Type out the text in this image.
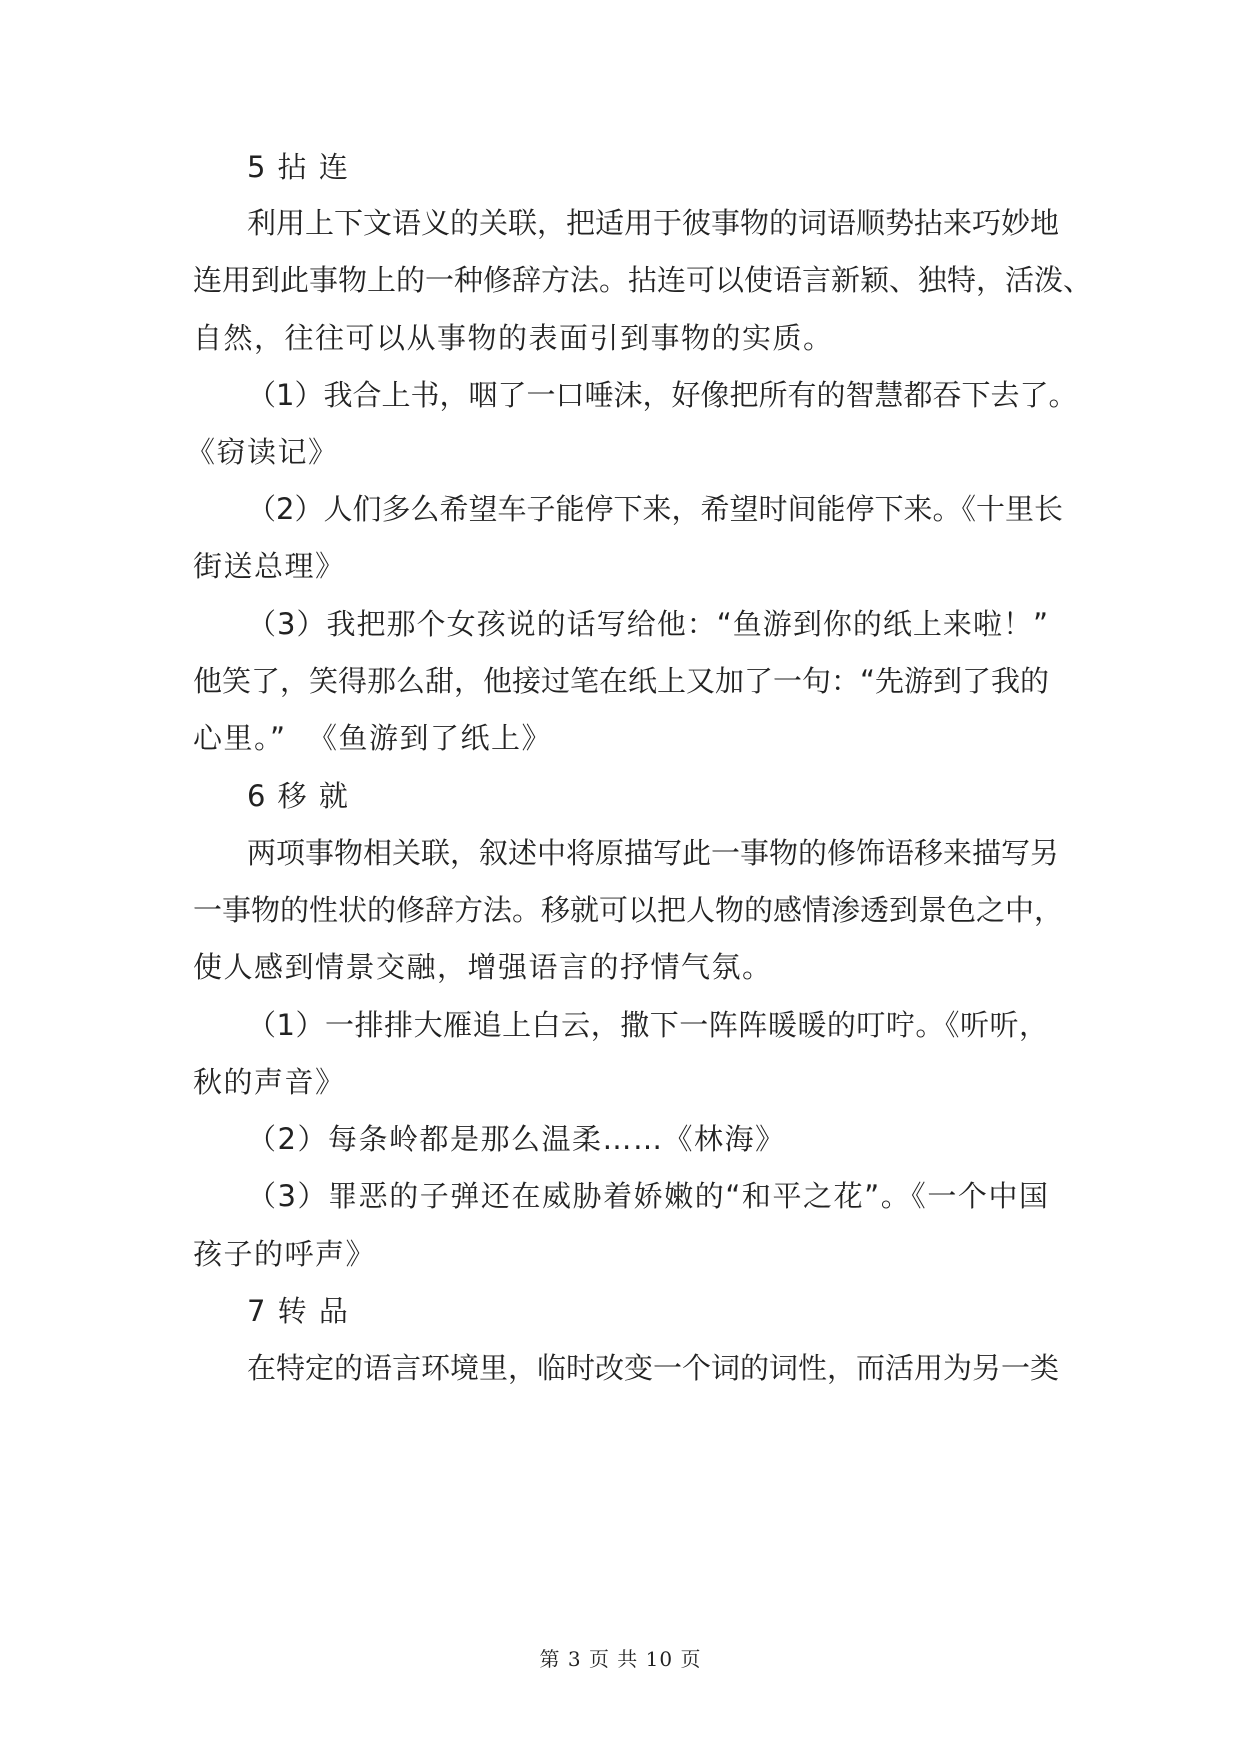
5 拈 连
利用上下文语义的关联，把适用于彼事物的词语顺势拈来巧妙地
连用到此事物上的一种修辞方法。拈连可以使语言新颖、独特，活泼、
自然，往往可以从事物的表面引到事物的实质。
（1）我合上书，咽了一口唾沫，好像把所有的智慧都吞下去了。
《窃读记》
（2）人们多么希望车子能停下来，希望时间能停下来。《十里长
街送总理》
（3）我把那个女孩说的话写给他：“鱼游到你的纸上来啦！”
他笑了，笑得那么甜，他接过笔在纸上又加了一句：“先游到了我的
心里。”  《鱼游到了纸上》
6 移 就
两项事物相关联，叙述中将原描写此一事物的修饰语移来描写另
一事物的性状的修辞方法。移就可以把人物的感情渗透到景色之中，
使人感到情景交融，增强语言的抒情气氛。
（1）一排排大雁追上白云，撒下一阵阵暖暖的叮咛。《听听，
秋的声音》
（2）每条岭都是那么温柔……《林海》
（3）罪恶的子弹还在威胁着娇嫩的“和平之花”。《一个中国
孩子的呼声》
7 转 品
在特定的语言环境里，临时改变一个词的词性，而活用为另一类
第 3 页 共 10 页
